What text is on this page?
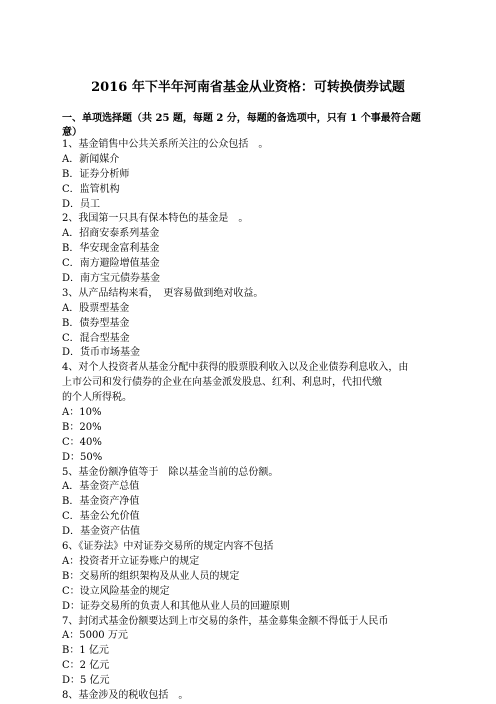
2016 年下半年河南省基金从业资格：可转换债券试题
一、单项选择题（共 25 题，每题 2 分，每题的备选项中，只有 1 个事最符合题意）
1、基金销售中公共关系所关注的公众包括　。
A．新闻媒介
B．证券分析师
C．监管机构
D．员工
2、我国第一只具有保本特色的基金是　。
A．招商安泰系列基金
B．华安现金富利基金
C．南方避险增值基金
D．南方宝元债券基金
3、从产品结构来看，　更容易做到绝对收益。
A．股票型基金
B．债券型基金
C．混合型基金
D．货币市场基金
4、对个人投资者从基金分配中获得的股票股利收入以及企业债券利息收入，由
上市公司和发行债券的企业在向基金派发股息、红利、利息时，代扣代缴
的个人所得税。
A：10%
B：20%
C：40%
D：50%
5、基金份额净值等于　除以基金当前的总份额。
A．基金资产总值
B．基金资产净值
C．基金公允价值
D．基金资产估值
6、《证券法》中对证券交易所的规定内容不包括
A：投资者开立证券账户的规定
B：交易所的组织架构及从业人员的规定
C：设立风险基金的规定
D：证券交易所的负责人和其他从业人员的回避原则
7、封闭式基金份额要达到上市交易的条件，基金募集金额不得低于人民币
A：5000 万元
B：1 亿元
C：2 亿元
D：5 亿元
8、基金涉及的税收包括　。
